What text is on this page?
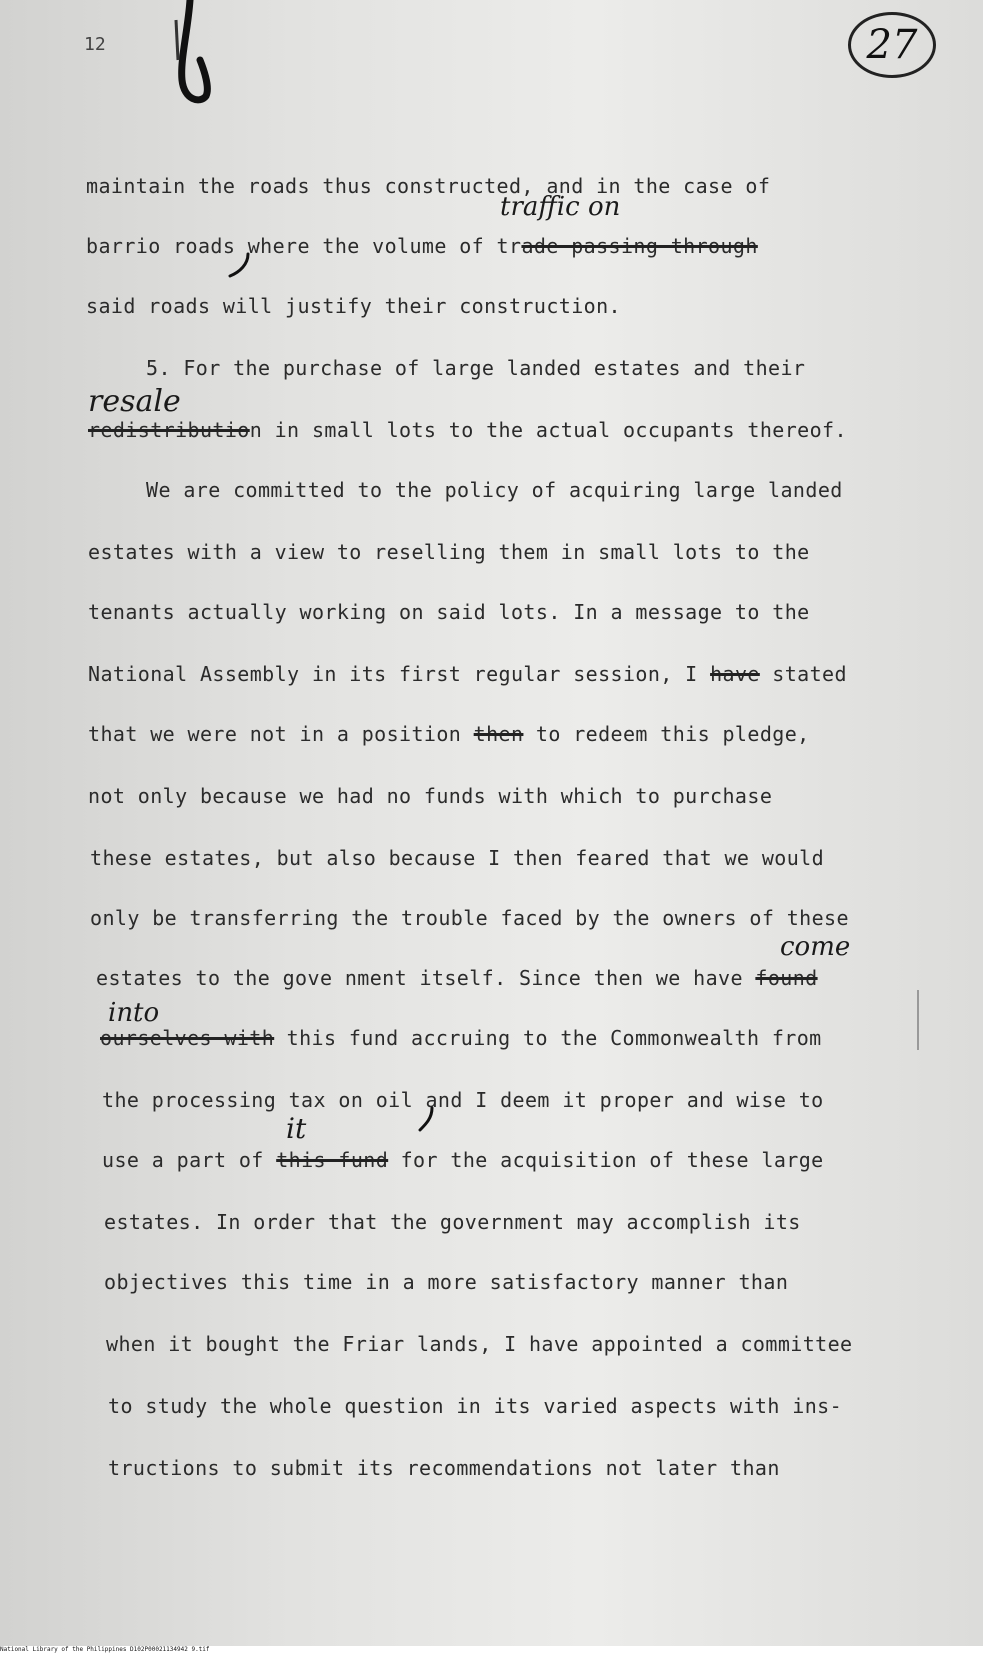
12	27
maintain the roads thus constructed, and in the case of
traffic on
barrio roads where the volume of trade passing through
said roads will justify their construction.
5. For the purchase of large landed estates and their
resale
redistribution in small lots to the actual occupants thereof.
We are committed to the policy of acquiring large landed
estates with a view to reselling them in small lots to the
tenants actually working on said lots. In a message to the
National Assembly in its first regular session, I have stated
that we were not in a position then to redeem this pledge,
not only because we had no funds with which to purchase
these estates, but also because I then feared that we would
only be transferring the trouble faced by the owners of these
come
estates to the gove nment itself. Since then we have found
into
ourselves with this fund accruing to the Commonwealth from
the processing tax on oil and I deem it proper and wise to
it
use a part of this fund for the acquisition of these large
estates. In order that the government may accomplish its
objectives this time in a more satisfactory manner than
when it bought the Friar lands, I have appointed a committee
to study the whole question in its varied aspects with ins-
tructions to submit its recommendations not later than
National Library of the Philippines D102P00021134942 9.tif
